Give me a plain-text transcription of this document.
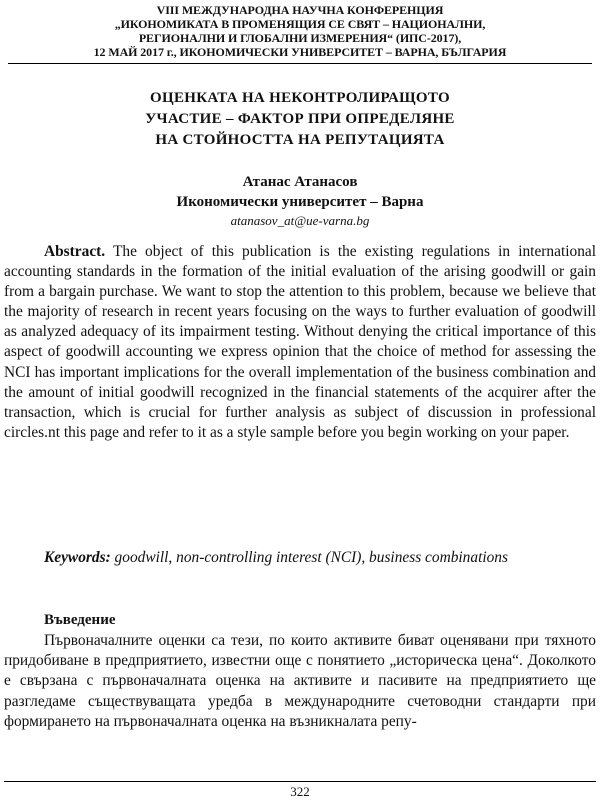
VIII МЕЖДУНАРОДНА НАУЧНА КОНФЕРЕНЦИЯ
„ИКОНОМИКАТА В ПРОМЕНЯЩИЯ СЕ СВЯТ – НАЦИОНАЛНИ,
РЕГИОНАЛНИ И ГЛОБАЛНИ ИЗМЕРЕНИЯ“ (ИПС-2017),
12 МАЙ 2017 г., ИКОНОМИЧЕСКИ УНИВЕРСИТЕТ – ВАРНА, БЪЛГАРИЯ
ОЦЕНКАТА НА НЕКОНТРОЛИРАЩОТО
УЧАСТИЕ – ФАКТОР ПРИ ОПРЕДЕЛЯНЕ
НА СТОЙНОСТТА НА РЕПУТАЦИЯТА
Атанас Атанасов
Икономически университет – Варна
atanasov_at@ue-varna.bg

Abstract. The object of this publication is the existing regulations in international accounting standards in the formation of the initial evaluation of the arising goodwill or gain from a bargain purchase. We want to stop the attention to this problem, because we believe that the majority of research in recent years focusing on the ways to further evaluation of goodwill as analyzed adequacy of its impairment testing. Without denying the critical importance of this aspect of goodwill accounting we express opinion that the choice of method for assessing the NCI has important implications for the overall implementation of the business combination and the amount of initial goodwill recognized in the financial statements of the acquirer after the transaction, which is crucial for further analysis as subject of discussion in professional circles.nt this page and refer to it as a style sample before you begin working on your paper.

Keywords: goodwill, non-controlling interest (NCI), business combinations

Въведение

Първоначалните оценки са тези, по които активите биват оценявани при тяхното придобиване в предприятието, известни още с понятието „историческа цена“. Доколкото е свързана с първоначалната оценка на активите и пасивите на предприятието ще разгледаме съществуващата уредба в международните счетоводни стандарти при формирането на първоначалната оценка на възникналата репу-

322
